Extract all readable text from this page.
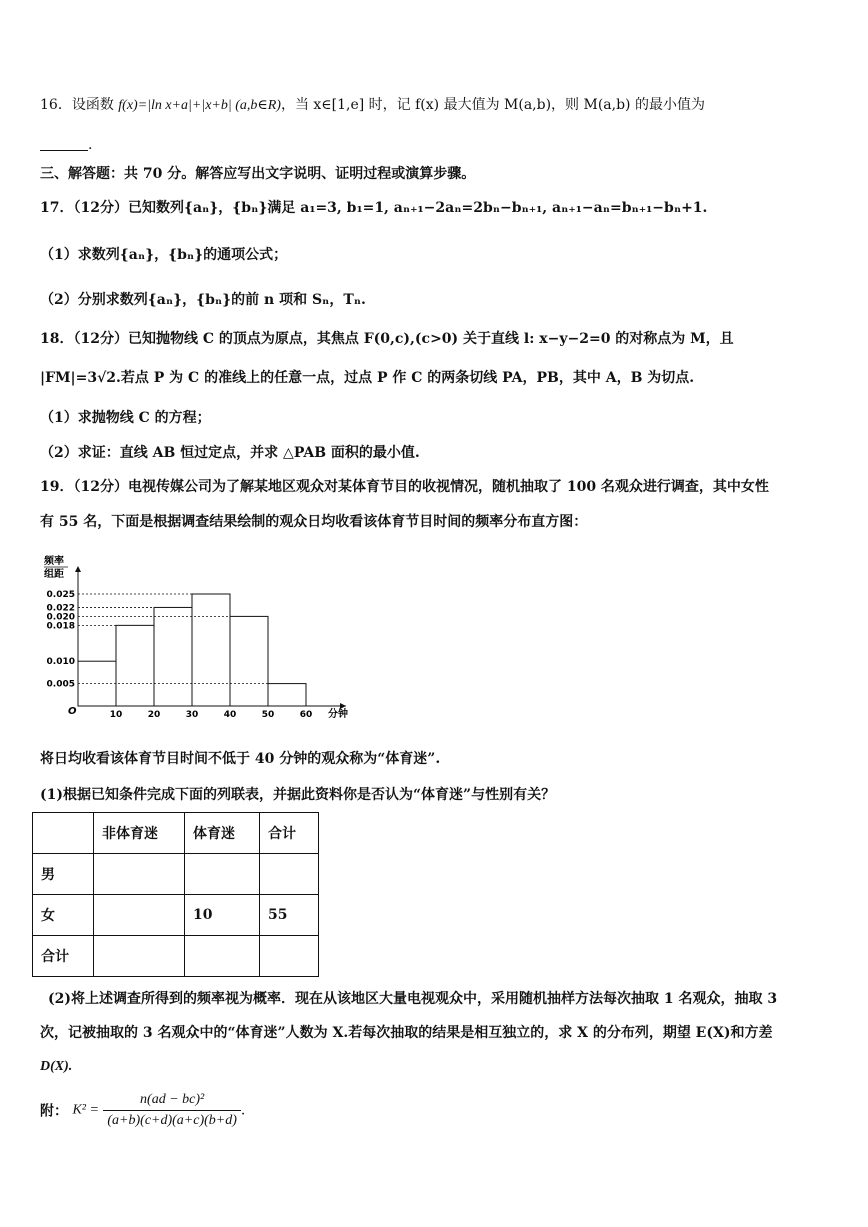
16．设函数 f(x)=|ln x+a|+|x+b| (a,b∈R)，当 x∈[1,e] 时，记 f(x) 最大值为 M(a,b)，则 M(a,b) 的最小值为
.
三、解答题：共 70 分。解答应写出文字说明、证明过程或演算步骤。
17．（12分）已知数列{aₙ}，{bₙ}满足 a₁=3, b₁=1, aₙ₊₁−2aₙ=2bₙ−bₙ₊₁, aₙ₊₁−aₙ=bₙ₊₁−bₙ+1.
（1）求数列{aₙ}，{bₙ}的通项公式；
（2）分别求数列{aₙ}，{bₙ}的前 n 项和 Sₙ，Tₙ.
18．（12分）已知抛物线 C 的顶点为原点，其焦点 F(0,c),(c>0) 关于直线 l: x−y−2=0 的对称点为 M，且
|FM|=3√2.若点 P 为 C 的准线上的任意一点，过点 P 作 C 的两条切线 PA，PB，其中 A，B 为切点.
（1）求抛物线 C 的方程；
（2）求证：直线 AB 恒过定点，并求 △PAB 面积的最小值.
19．（12分）电视传媒公司为了解某地区观众对某体育节目的收视情况，随机抽取了 100 名观众进行调查，其中女性
有 55 名，下面是根据调查结果绘制的观众日均收看该体育节目时间的频率分布直方图：
频率
组距
O
0.025
0.022
0.020
0.018
0.010
0.005
10	20	30	40	50	60 分钟
将日均收看该体育节目时间不低于 40 分钟的观众称为“体育迷”.
(1)根据已知条件完成下面的列联表，并据此资料你是否认为“体育迷”与性别有关？
	非体育迷	体育迷	合计
男			
女		10	55
合计			
(2)将上述调查所得到的频率视为概率．现在从该地区大量电视观众中，采用随机抽样方法每次抽取 1 名观众，抽取 3
次，记被抽取的 3 名观众中的“体育迷”人数为 X.若每次抽取的结果是相互独立的，求 X 的分布列，期望 E(X)和方差
D(X).
附： $K^2 = \frac{\text{n(ad − bc)²}}{(a+b)(c+d)(a+c)(b+d)}$ .
